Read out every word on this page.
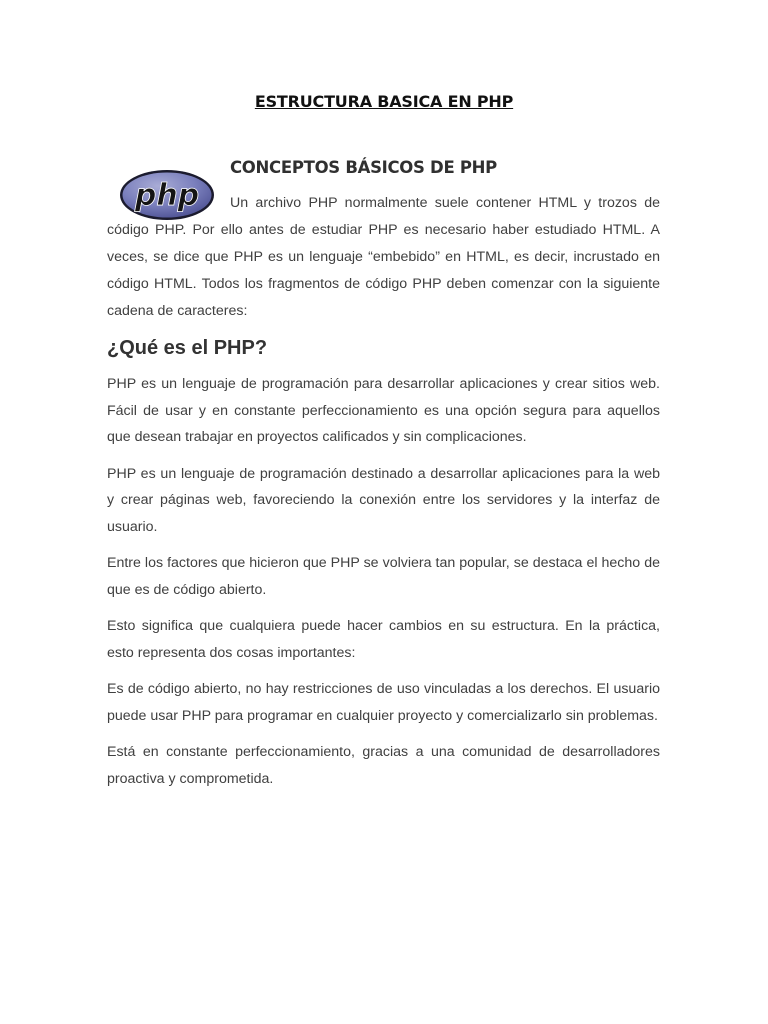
ESTRUCTURA BASICA EN PHP
php
CONCEPTOS BÁSICOS DE PHP

Un archivo PHP normalmente suele contener HTML y trozos de código PHP. Por ello antes de estudiar PHP es necesario haber estudiado HTML. A veces, se dice que PHP es un lenguaje “embebido” en HTML, es decir, incrustado en código HTML. Todos los fragmentos de código PHP deben comenzar con la siguiente cadena de caracteres:

¿Qué es el PHP?

PHP es un lenguaje de programación para desarrollar aplicaciones y crear sitios web. Fácil de usar y en constante perfeccionamiento es una opción segura para aquellos que desean trabajar en proyectos calificados y sin complicaciones.

PHP es un lenguaje de programación destinado a desarrollar aplicaciones para la web y crear páginas web, favoreciendo la conexión entre los servidores y la interfaz de usuario.

Entre los factores que hicieron que PHP se volviera tan popular, se destaca el hecho de que es de código abierto.

Esto significa que cualquiera puede hacer cambios en su estructura. En la práctica, esto representa dos cosas importantes:

Es de código abierto, no hay restricciones de uso vinculadas a los derechos. El usuario puede usar PHP para programar en cualquier proyecto y comercializarlo sin problemas.

Está en constante perfeccionamiento, gracias a una comunidad de desarrolladores proactiva y comprometida.
